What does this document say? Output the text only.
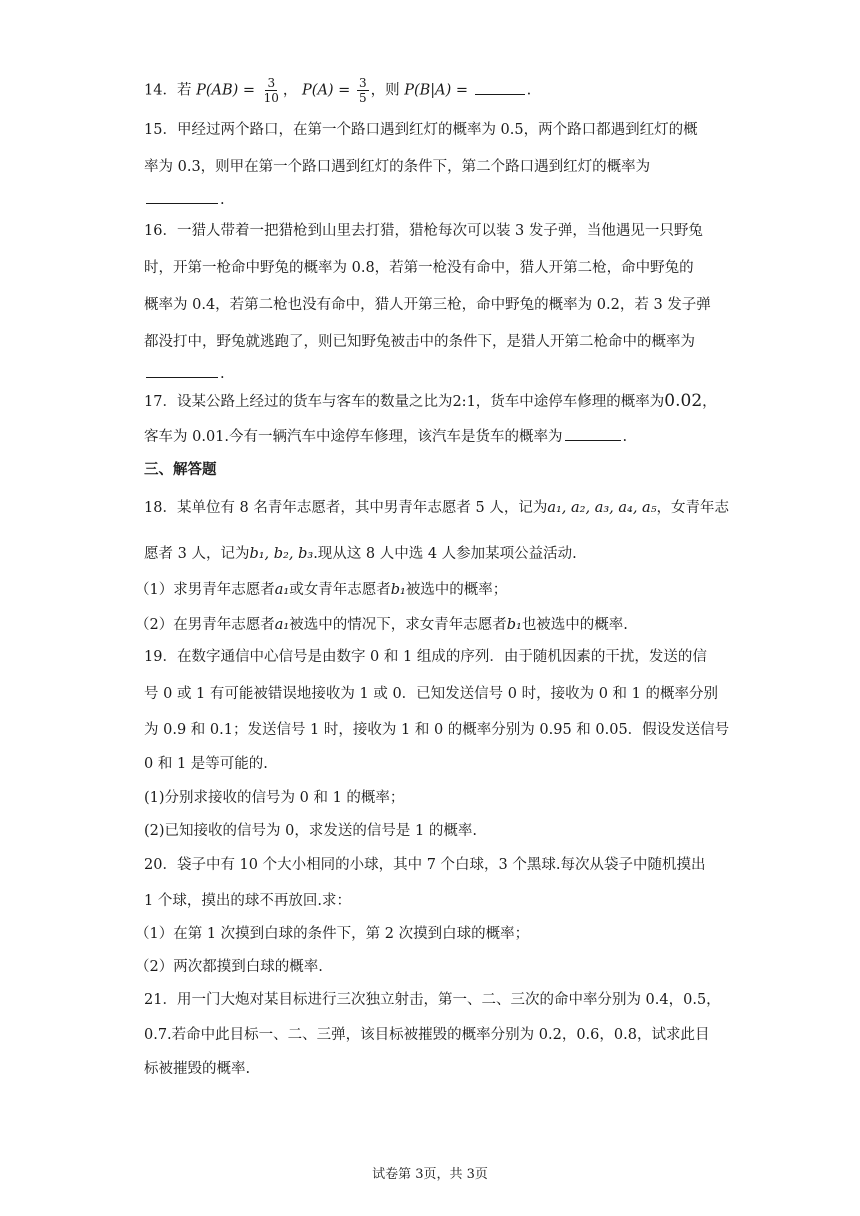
14．若 $P(AB) = \frac{3}{10}$ ， $P(A) = \frac{3}{5}$ ，则 P(B|A) =	.
15．甲经过两个路口，在第一个路口遇到红灯的概率为 0.5，两个路口都遇到红灯的概
率为 0.3，则甲在第一个路口遇到红灯的条件下，第二个路口遇到红灯的概率为
.
16．一猎人带着一把猎枪到山里去打猎，猎枪每次可以装 3 发子弹，当他遇见一只野兔
时，开第一枪命中野兔的概率为 0.8，若第一枪没有命中，猎人开第二枪，命中野兔的
概率为 0.4，若第二枪也没有命中，猎人开第三枪，命中野兔的概率为 0.2，若 3 发子弹
都没打中，野兔就逃跑了，则已知野兔被击中的条件下，是猎人开第二枪命中的概率为
.
17．设某公路上经过的货车与客车的数量之比为2:1，货车中途停车修理的概率为0.02，
客车为 0.01.今有一辆汽车中途停车修理，该汽车是货车的概率为	.
三、解答题
18．某单位有 8 名青年志愿者，其中男青年志愿者 5 人，记为a₁, a₂, a₃, a₄, a₅，女青年志
愿者 3 人，记为b₁, b₂, b₃.现从这 8 人中选 4 人参加某项公益活动.
（1）求男青年志愿者a₁或女青年志愿者b₁被选中的概率；
（2）在男青年志愿者a₁被选中的情况下，求女青年志愿者b₁也被选中的概率.
19．在数字通信中心信号是由数字 0 和 1 组成的序列．由于随机因素的干扰，发送的信
号 0 或 1 有可能被错误地接收为 1 或 0．已知发送信号 0 时，接收为 0 和 1 的概率分别
为 0.9 和 0.1；发送信号 1 时，接收为 1 和 0 的概率分别为 0.95 和 0.05．假设发送信号
0 和 1 是等可能的.
(1)分别求接收的信号为 0 和 1 的概率；
(2)已知接收的信号为 0，求发送的信号是 1 的概率.
20．袋子中有 10 个大小相同的小球，其中 7 个白球，3 个黑球.每次从袋子中随机摸出
1 个球，摸出的球不再放回.求：
（1）在第 1 次摸到白球的条件下，第 2 次摸到白球的概率；
（2）两次都摸到白球的概率.
21．用一门大炮对某目标进行三次独立射击，第一、二、三次的命中率分别为 0.4，0.5，
0.7.若命中此目标一、二、三弹，该目标被摧毁的概率分别为 0.2，0.6，0.8，试求此目
标被摧毁的概率.
试卷第 3页，共 3页
